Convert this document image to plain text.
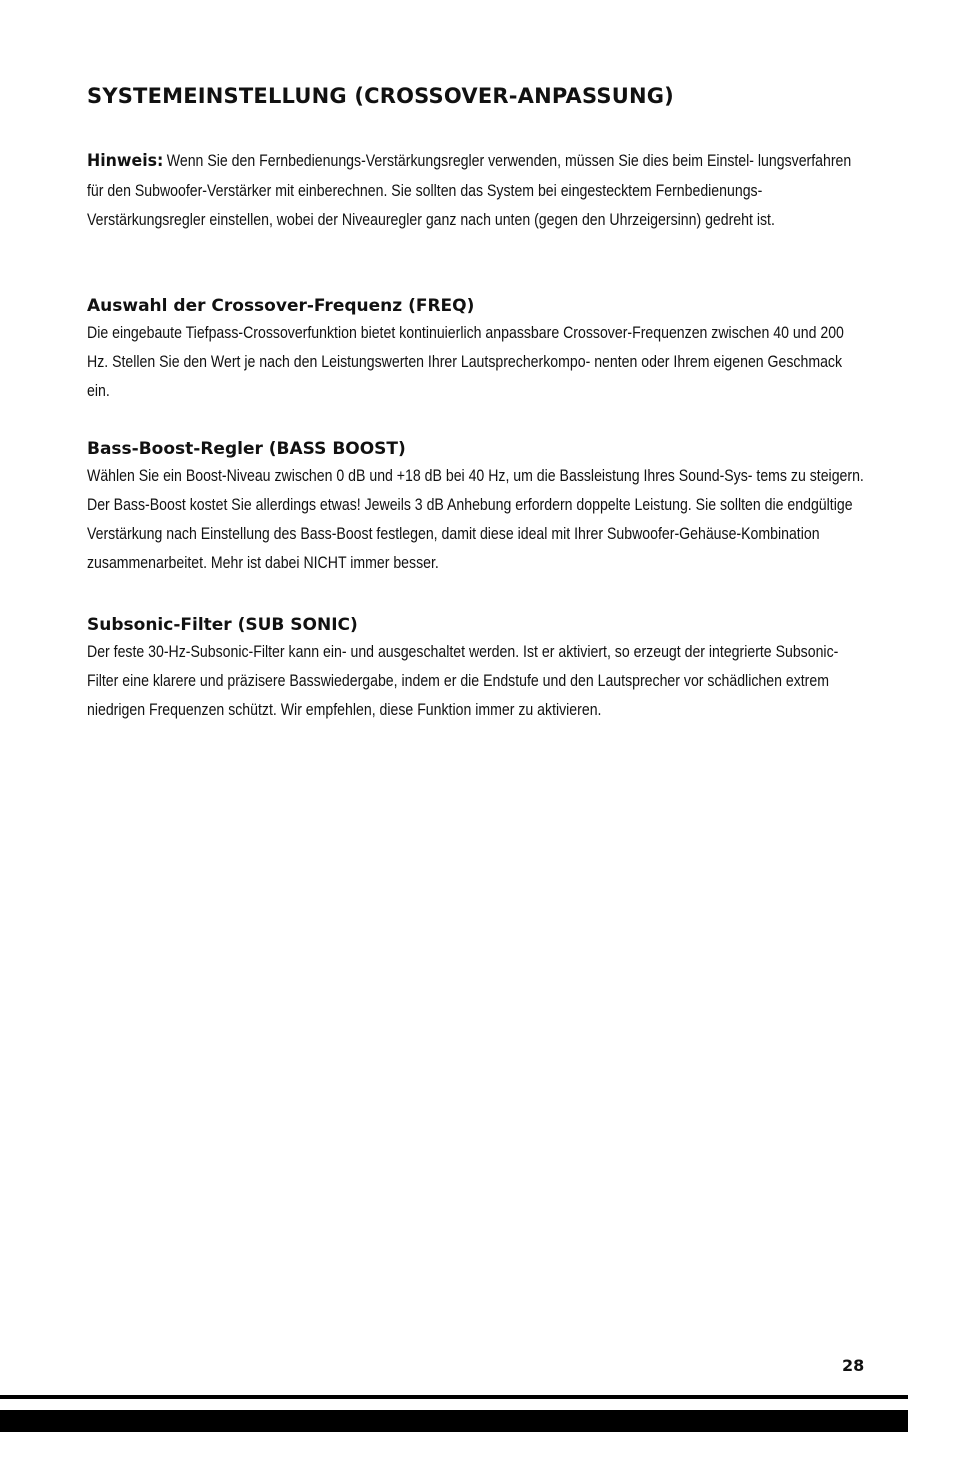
SYSTEMEINSTELLUNG (CROSSOVER-ANPASSUNG)

Hinweis: Wenn Sie den Fernbedienungs-Verstärkungsregler verwenden, müssen Sie dies beim Einstel- lungsverfahren für den Subwoofer-Verstärker mit einberechnen. Sie sollten das System bei eingestecktem Fernbedienungs-Verstärkungsregler einstellen, wobei der Niveauregler ganz nach unten (gegen den Uhrzeigersinn) gedreht ist.

Auswahl der Crossover-Frequenz (FREQ)

Die eingebaute Tiefpass-Crossoverfunktion bietet kontinuierlich anpassbare Crossover-Frequenzen zwischen 40 und 200 Hz. Stellen Sie den Wert je nach den Leistungswerten Ihrer Lautsprecherkompo- nenten oder Ihrem eigenen Geschmack ein.

Bass-Boost-Regler (BASS BOOST)

Wählen Sie ein Boost-Niveau zwischen 0 dB und +18 dB bei 40 Hz, um die Bassleistung Ihres Sound-Sys- tems zu steigern. Der Bass-Boost kostet Sie allerdings etwas! Jeweils 3 dB Anhebung erfordern doppelte Leistung. Sie sollten die endgültige Verstärkung nach Einstellung des Bass-Boost festlegen, damit diese ideal mit Ihrer Subwoofer-Gehäuse-Kombination zusammenarbeitet. Mehr ist dabei NICHT immer besser.

Subsonic-Filter (SUB SONIC)

Der feste 30-Hz-Subsonic-Filter kann ein- und ausgeschaltet werden. Ist er aktiviert, so erzeugt der integrierte Subsonic-Filter eine klarere und präzisere Basswiedergabe, indem er die Endstufe und den Lautsprecher vor schädlichen extrem niedrigen Frequenzen schützt. Wir empfehlen, diese Funktion immer zu aktivieren.

28
